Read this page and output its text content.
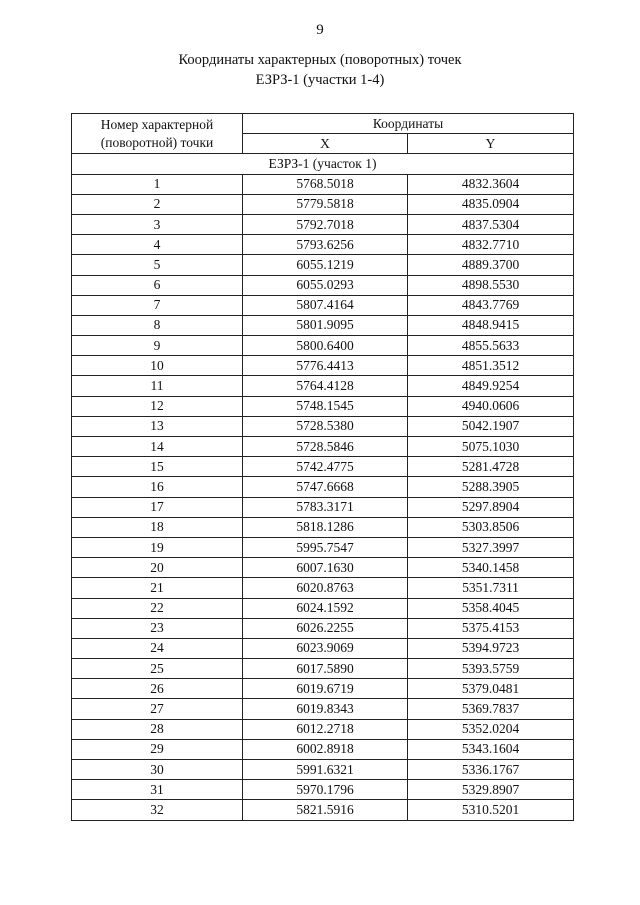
9
Координаты характерных (поворотных) точек
ЕЗРЗ-1 (участки 1-4)
Номер характерной
(поворотной) точки	Координаты	
	X	Y
ЕЗРЗ-1 (участок 1)		
1	5768.5018	4832.3604
2	5779.5818	4835.0904
3	5792.7018	4837.5304
4	5793.6256	4832.7710
5	6055.1219	4889.3700
6	6055.0293	4898.5530
7	5807.4164	4843.7769
8	5801.9095	4848.9415
9	5800.6400	4855.5633
10	5776.4413	4851.3512
11	5764.4128	4849.9254
12	5748.1545	4940.0606
13	5728.5380	5042.1907
14	5728.5846	5075.1030
15	5742.4775	5281.4728
16	5747.6668	5288.3905
17	5783.3171	5297.8904
18	5818.1286	5303.8506
19	5995.7547	5327.3997
20	6007.1630	5340.1458
21	6020.8763	5351.7311
22	6024.1592	5358.4045
23	6026.2255	5375.4153
24	6023.9069	5394.9723
25	6017.5890	5393.5759
26	6019.6719	5379.0481
27	6019.8343	5369.7837
28	6012.2718	5352.0204
29	6002.8918	5343.1604
30	5991.6321	5336.1767
31	5970.1796	5329.8907
32	5821.5916	5310.5201
